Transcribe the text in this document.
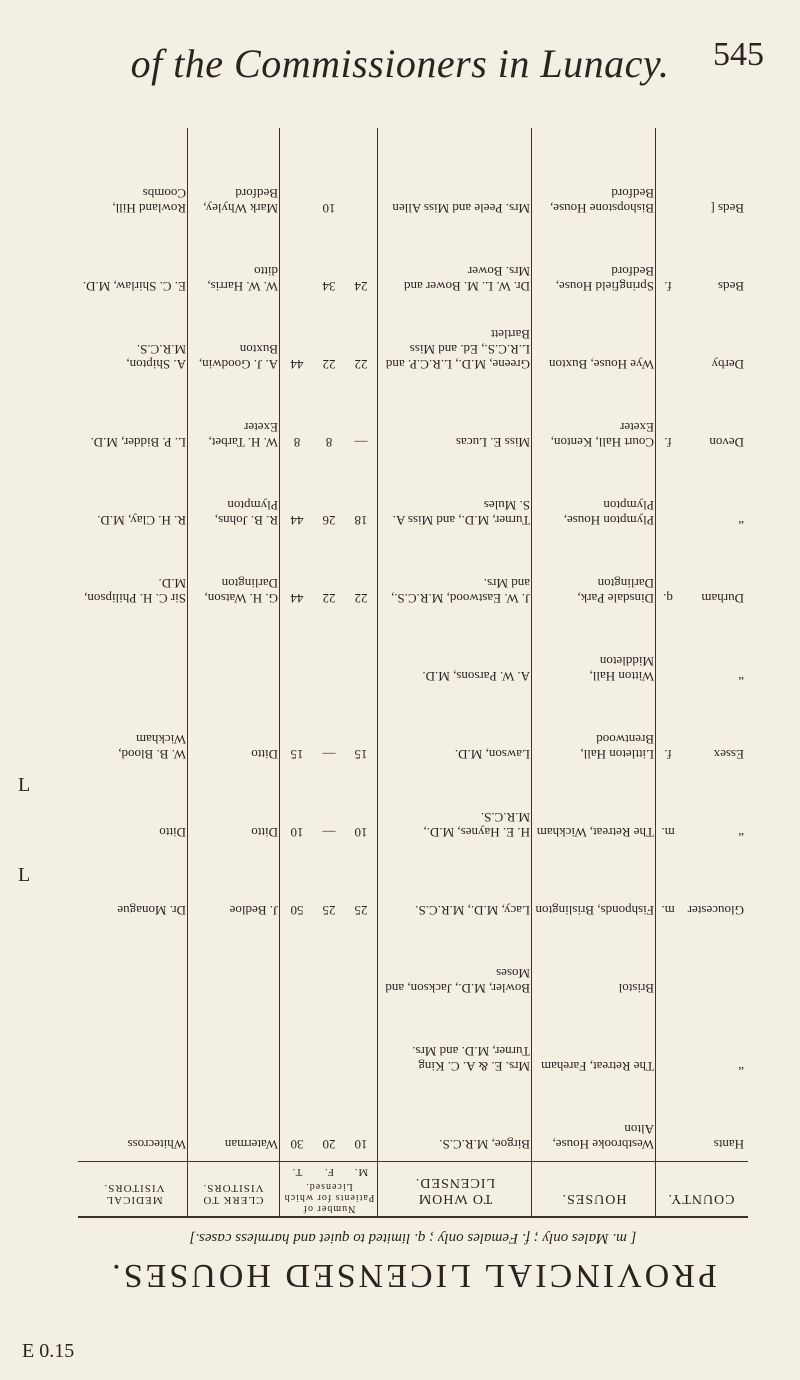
of the Commissioners in Lunacy.	545
L
L
E 0.15
PROVINCIAL LICENSED HOUSES.
[ m. Males only ; f. Females only ; q. limited to quiet and harmless cases.]
COUNTY.
HOUSES.
TO WHOM LICENSED.
Number of Patients for which Licensed.
M.
F.
T.
CLERK TO VISITORS.
MEDICAL VISITORS.
Hants
Westbrooke House, Alton
Birgoe, M.R.C.S.
10
20
30
Waterman
Whitecross
“
The Retreat, Fareham
Mrs. E. & A. C. King Turner, M.D. and Mrs.
Bristol
Bowler, M.D., Jackson, and Moses
Gloucester
m.
Fishponds, Brislington
Lacy, M.D., M.R.C.S.
25
25
50
J. Bedloe
Dr. Monague
“
m.
The Retreat, Wickham
H. E. Haynes, M.D., M.R.C.S.
10
—
10
Ditto
Ditto
Essex
f.
Littleton Hall, Brentwood
Lawson, M.D.
15
—
15
Ditto
W. B. Blood, Wickham
“
Witton Hall, Middleton
A. W. Parsons, M.D.
Durham
q.
Dinsdale Park, Darlington
J. W. Eastwood, M.R.C.S., and Mrs.
22
22
44
G. H. Watson, Darlington
Sir C. H. Philipson, M.D.
“
Plympton House, Plympton
Turner, M.D., and Miss A. S. Mules
18
26
44
R. B. Johns, Plympton
R. H. Clay, M.D.
Devon
f.
Court Hall, Kenton, Exeter
Miss E. Lucas
—
8
8
W. H. Tarbet, Exeter
L. P. Bidder, M.D.
Derby
Wye House, Buxton
Greene, M.D., L.R.C.P. and L.R.C.S., Ed. and Miss Bartlett
22
22
44
A. J. Goodwin, Buxton
A. Shipton, M.R.C.S.
Beds
f.
Springfield House, Bedford
Dr. W. L. M. Bower and Mrs. Bower
24
34
W. W. Harris, ditto
E. C. Shirlaw, M.D.
Beds [
Bishopstone House, Bedford
Mrs. Peele and Miss Allen
10
Mark Whyley, Bedford
Rowland Hill, Coombs
